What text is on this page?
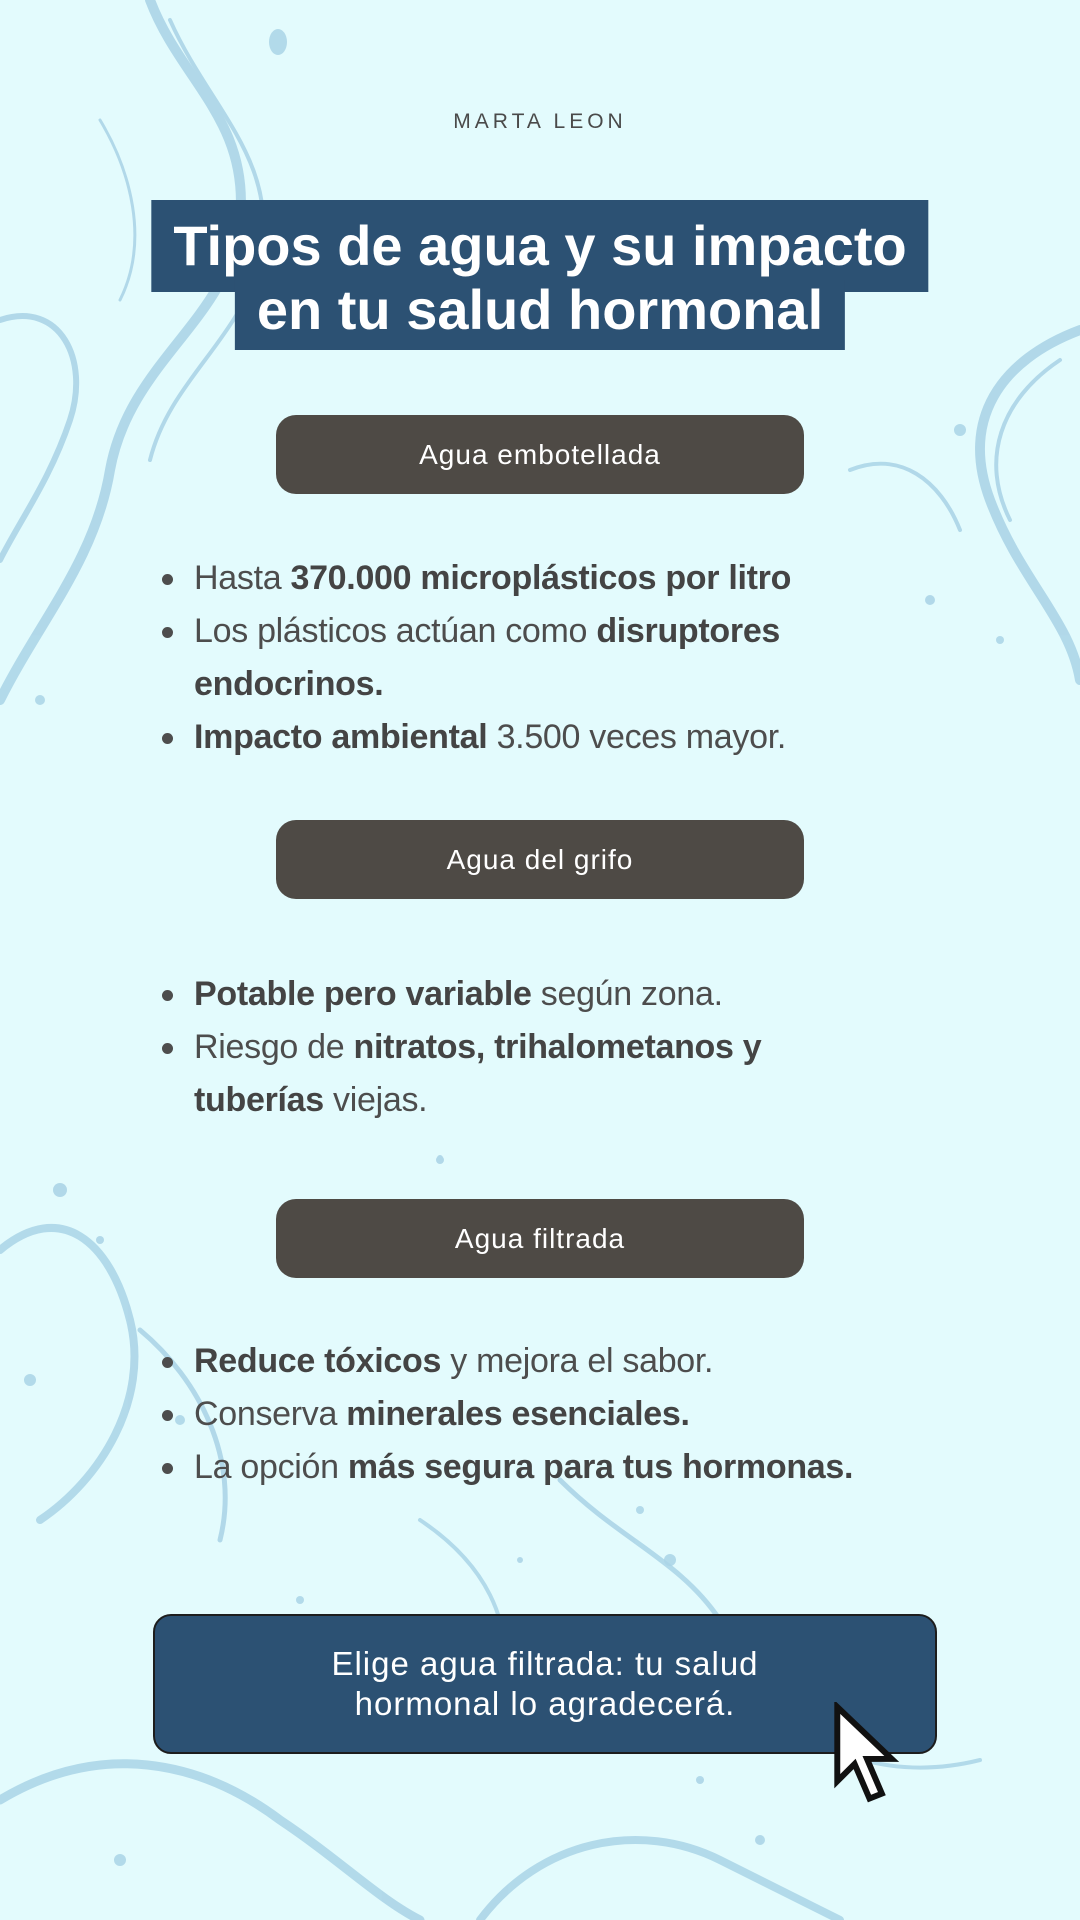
MARTA LEON
Tipos de agua y su impacto
en tu salud hormonal
Agua embotellada
Hasta 370.000 microplásticos por litro
Los plásticos actúan como disruptores
endocrinos.
Impacto ambiental 3.500 veces mayor.
Agua del grifo
Potable pero variable según zona.
Riesgo de nitratos, trihalometanos y
tuberías viejas.
Agua filtrada
Reduce tóxicos y mejora el sabor.
Conserva minerales esenciales.
La opción más segura para tus hormonas.
Elige agua filtrada: tu salud
hormonal lo agradecerá.
